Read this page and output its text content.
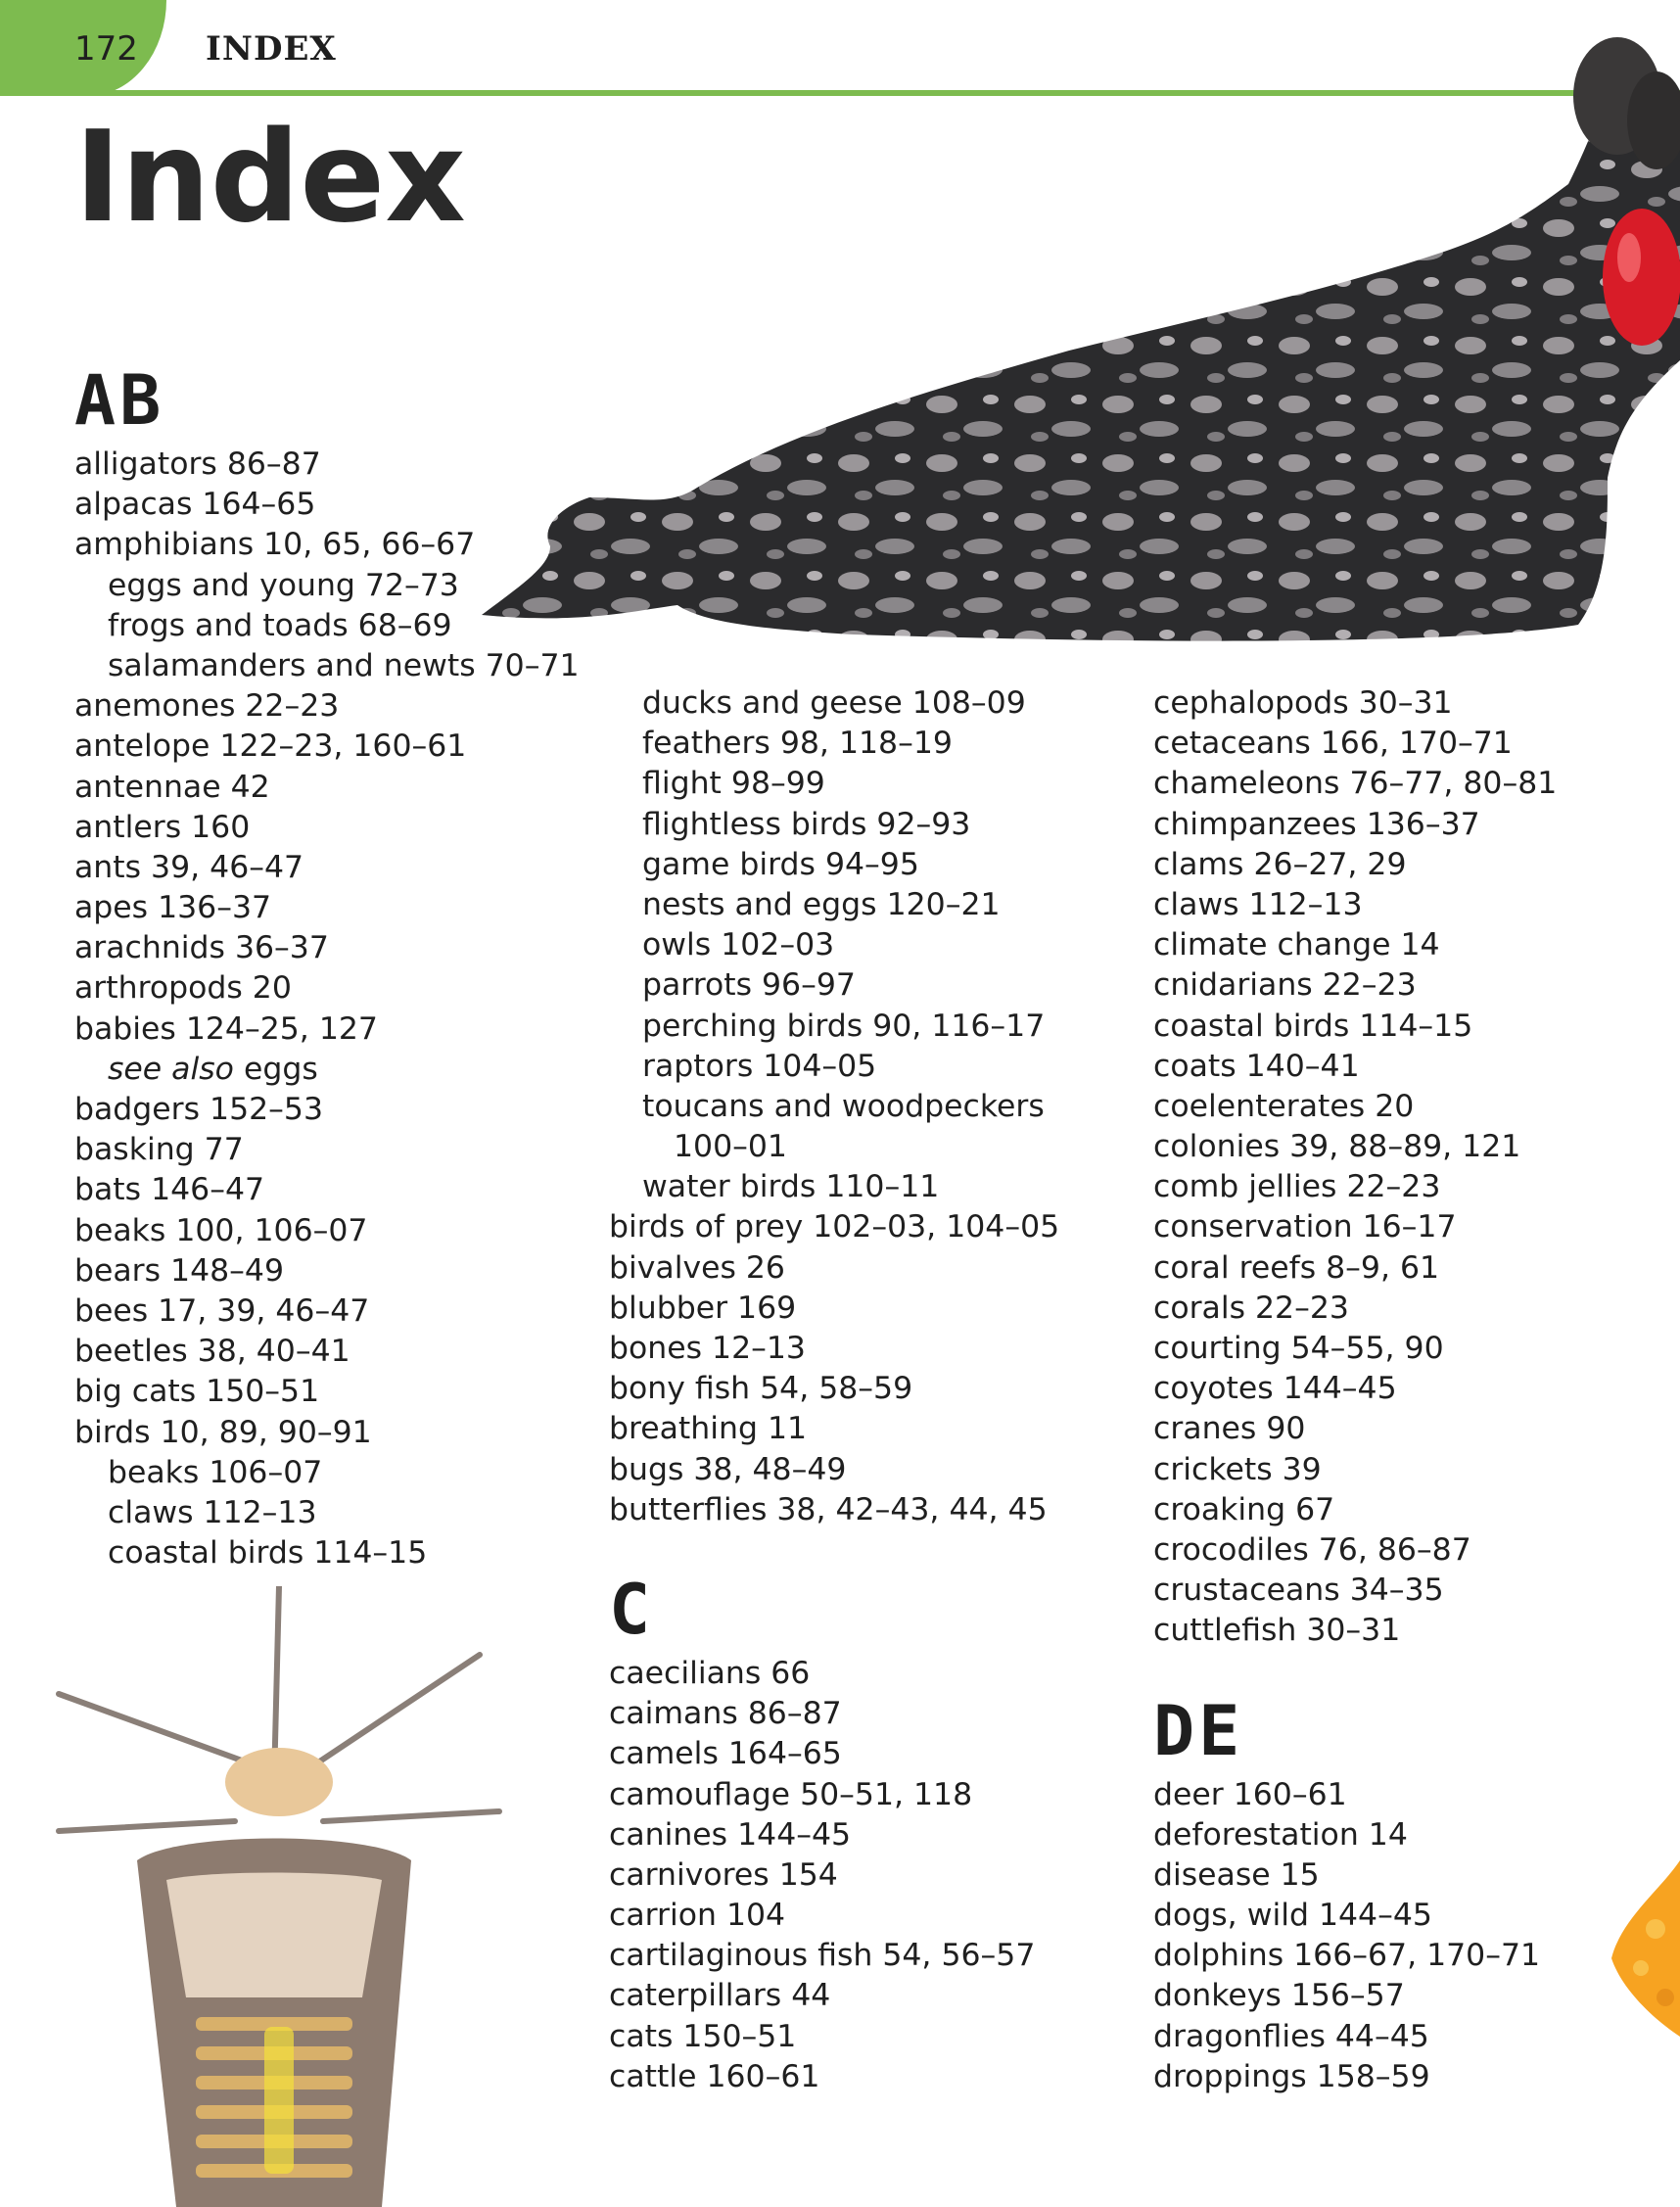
172 INDEX
Index
AB
alligators 86–87
alpacas 164–65
amphibians 10, 65, 66–67
eggs and young 72–73
frogs and toads 68–69
salamanders and newts 70–71
anemones 22–23
antelope 122–23, 160–61
antennae 42
antlers 160
ants 39, 46–47
apes 136–37
arachnids 36–37
arthropods 20
babies 124–25, 127
see also eggs
badgers 152–53
basking 77
bats 146–47
beaks 100, 106–07
bears 148–49
bees 17, 39, 46–47
beetles 38, 40–41
big cats 150–51
birds 10, 89, 90–91
beaks 106–07
claws 112–13
coastal birds 114–15
ducks and geese 108–09
feathers 98, 118–19
flight 98–99
flightless birds 92–93
game birds 94–95
nests and eggs 120–21
owls 102–03
parrots 96–97
perching birds 90, 116–17
raptors 104–05
toucans and woodpeckers
100–01
water birds 110–11
birds of prey 102–03, 104–05
bivalves 26
blubber 169
bones 12–13
bony fish 54, 58–59
breathing 11
bugs 38, 48–49
butterflies 38, 42–43, 44, 45
C
caecilians 66
caimans 86–87
camels 164–65
camouflage 50–51, 118
canines 144–45
carnivores 154
carrion 104
cartilaginous fish 54, 56–57
caterpillars 44
cats 150–51
cattle 160–61
cephalopods 30–31
cetaceans 166, 170–71
chameleons 76–77, 80–81
chimpanzees 136–37
clams 26–27, 29
claws 112–13
climate change 14
cnidarians 22–23
coastal birds 114–15
coats 140–41
coelenterates 20
colonies 39, 88–89, 121
comb jellies 22–23
conservation 16–17
coral reefs 8–9, 61
corals 22–23
courting 54–55, 90
coyotes 144–45
cranes 90
crickets 39
croaking 67
crocodiles 76, 86–87
crustaceans 34–35
cuttlefish 30–31
DE
deer 160–61
deforestation 14
disease 15
dogs, wild 144–45
dolphins 166–67, 170–71
donkeys 156–57
dragonflies 44–45
droppings 158–59
